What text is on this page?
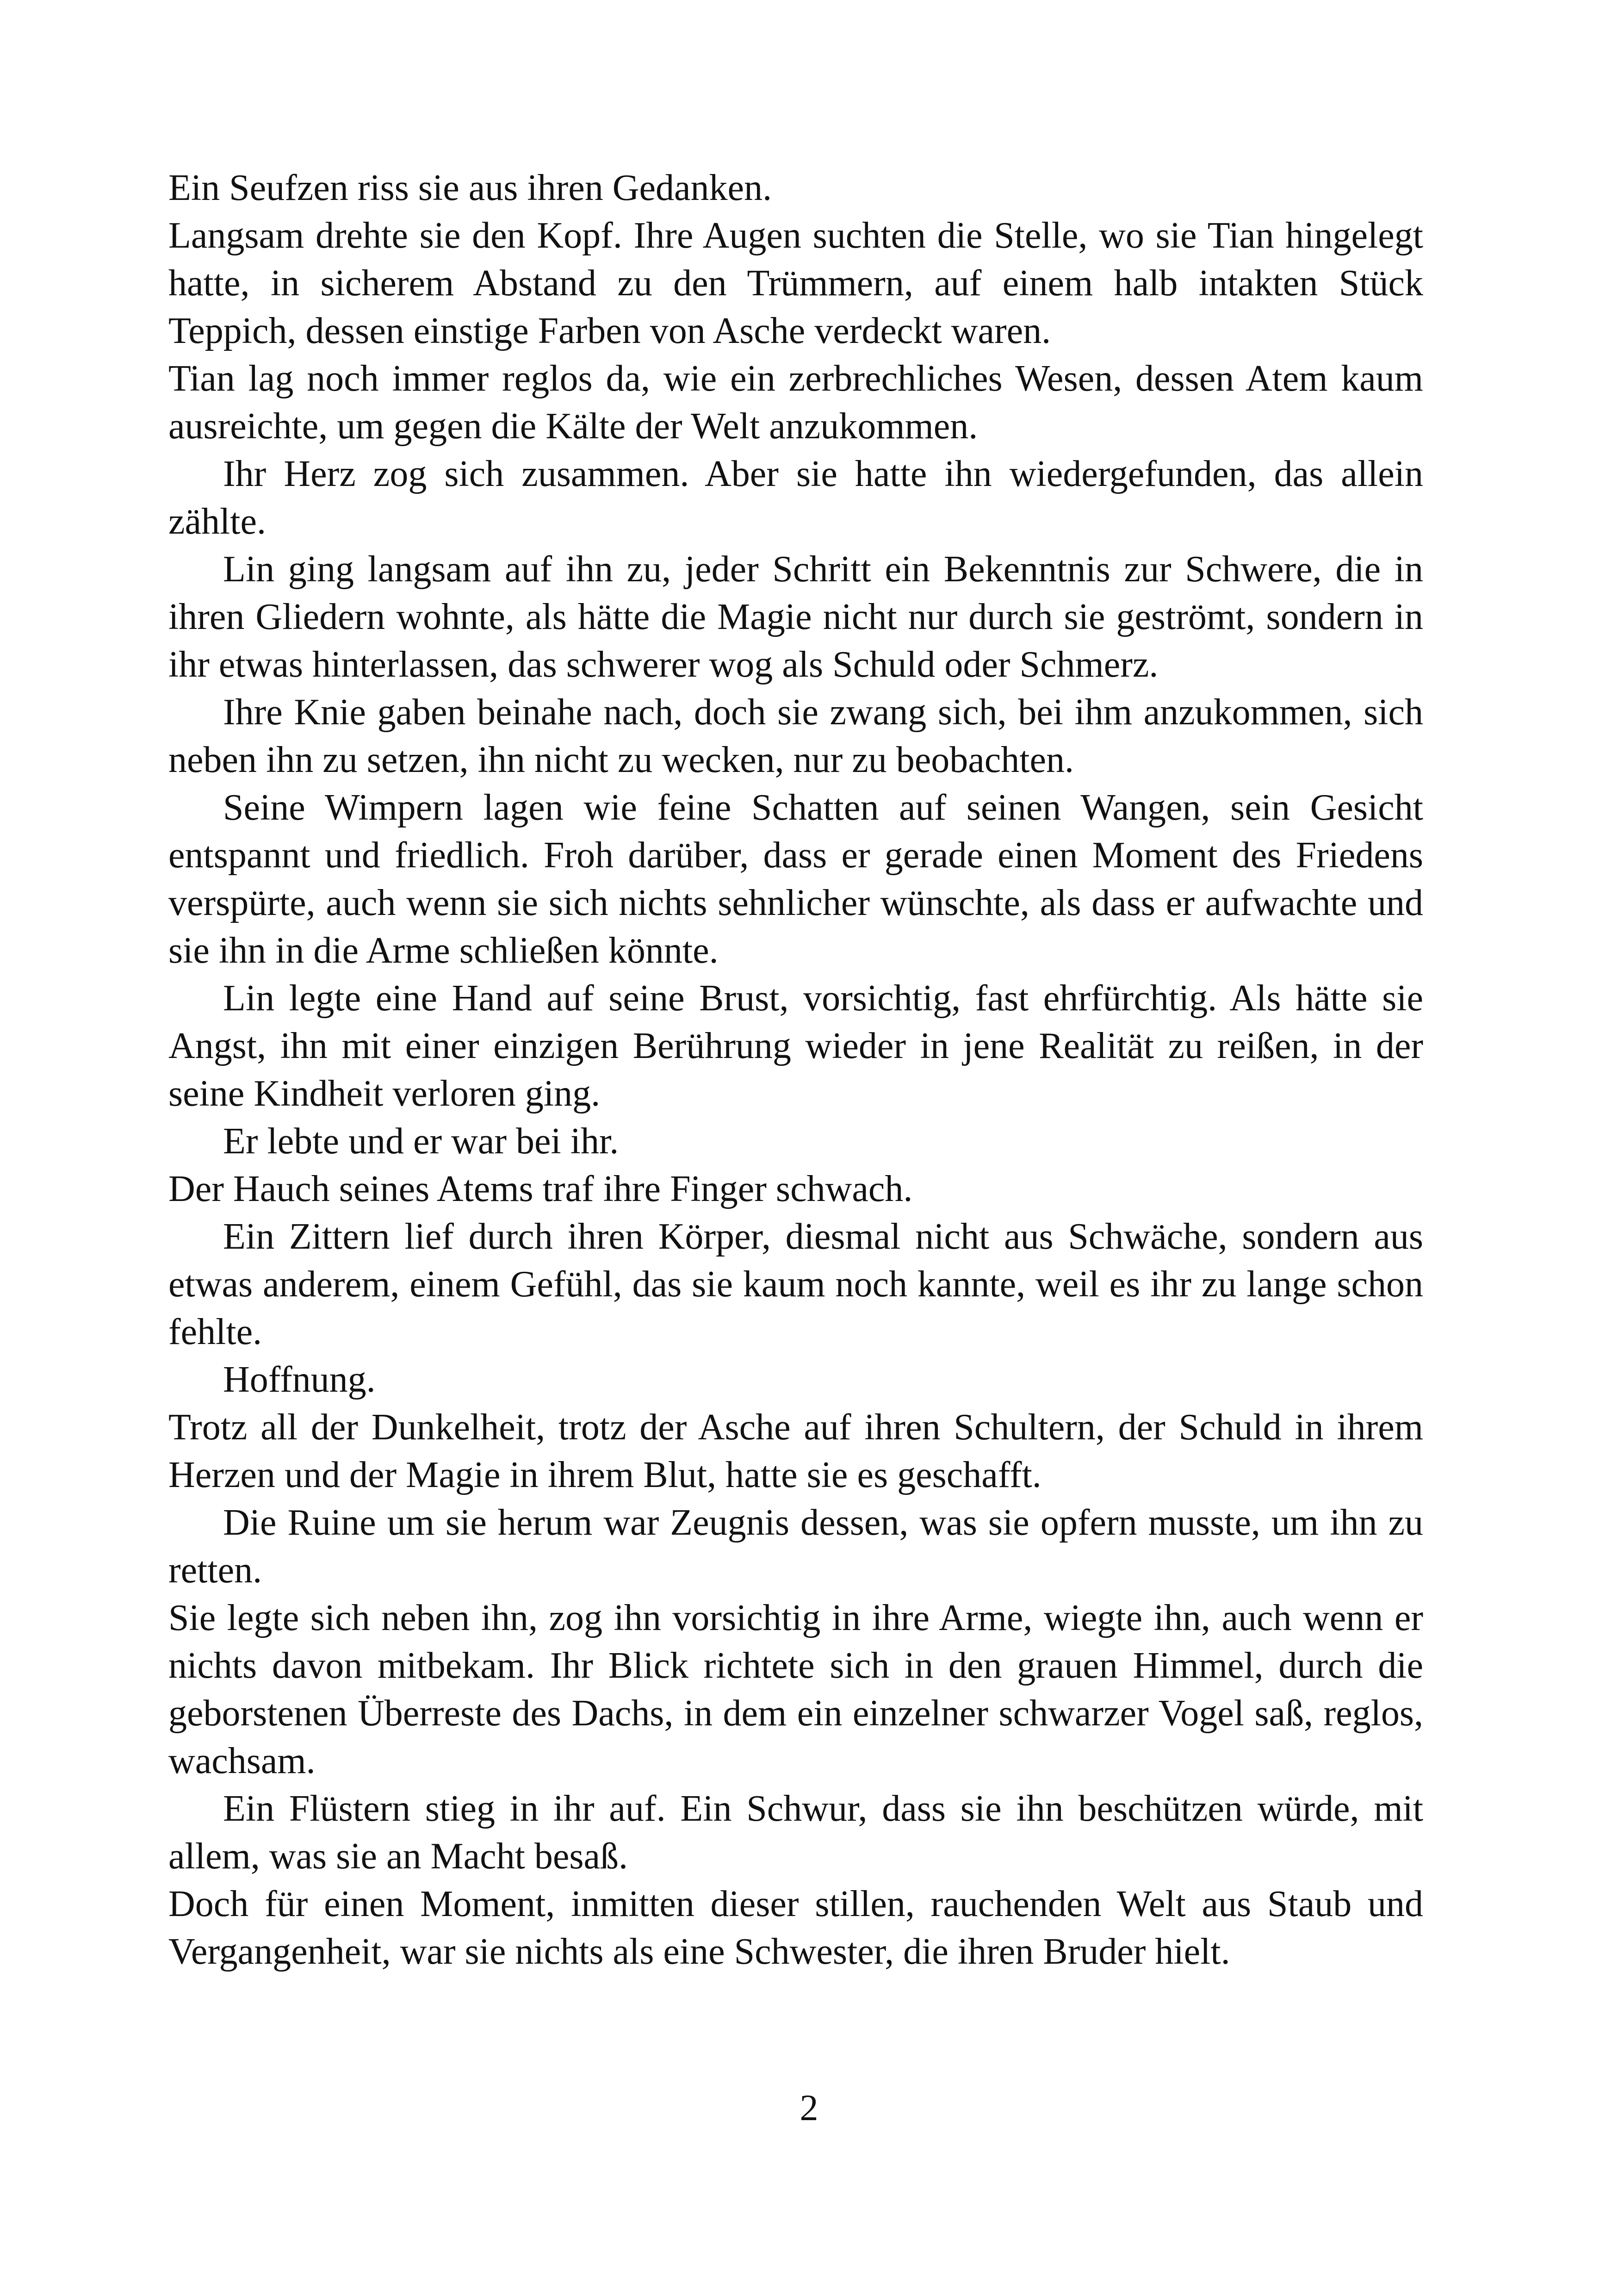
Ein Seufzen riss sie aus ihren Gedanken.

Langsam drehte sie den Kopf. Ihre Augen suchten die Stelle, wo sie Tian hingelegt hatte, in sicherem Abstand zu den Trümmern, auf einem halb intakten Stück Teppich, dessen einstige Farben von Asche verdeckt waren.

Tian lag noch immer reglos da, wie ein zerbrechliches Wesen, dessen Atem kaum ausreichte, um gegen die Kälte der Welt anzukommen.

Ihr Herz zog sich zusammen. Aber sie hatte ihn wiedergefunden, das allein zählte.

Lin ging langsam auf ihn zu, jeder Schritt ein Bekenntnis zur Schwere, die in ihren Gliedern wohnte, als hätte die Magie nicht nur durch sie geströmt, sondern in ihr etwas hinterlassen, das schwerer wog als Schuld oder Schmerz.

Ihre Knie gaben beinahe nach, doch sie zwang sich, bei ihm anzukommen, sich neben ihn zu setzen, ihn nicht zu wecken, nur zu beobachten.

Seine Wimpern lagen wie feine Schatten auf seinen Wangen, sein Gesicht entspannt und friedlich. Froh darüber, dass er gerade einen Moment des Friedens verspürte, auch wenn sie sich nichts sehnlicher wünschte, als dass er aufwachte und sie ihn in die Arme schließen könnte.

Lin legte eine Hand auf seine Brust, vorsichtig, fast ehrfürchtig. Als hätte sie Angst, ihn mit einer einzigen Berührung wieder in jene Realität zu reißen, in der seine Kindheit verloren ging.

Er lebte und er war bei ihr.

Der Hauch seines Atems traf ihre Finger schwach.

Ein Zittern lief durch ihren Körper, diesmal nicht aus Schwäche, sondern aus etwas anderem, einem Gefühl, das sie kaum noch kannte, weil es ihr zu lange schon fehlte.

Hoffnung.

Trotz all der Dunkelheit, trotz der Asche auf ihren Schultern, der Schuld in ihrem Herzen und der Magie in ihrem Blut, hatte sie es geschafft.

Die Ruine um sie herum war Zeugnis dessen, was sie opfern musste, um ihn zu retten.

Sie legte sich neben ihn, zog ihn vorsichtig in ihre Arme, wiegte ihn, auch wenn er nichts davon mitbekam. Ihr Blick richtete sich in den grauen Himmel, durch die geborstenen Überreste des Dachs, in dem ein einzelner schwarzer Vogel saß, reglos, wachsam.

Ein Flüstern stieg in ihr auf. Ein Schwur, dass sie ihn beschützen würde, mit allem, was sie an Macht besaß.

Doch für einen Moment, inmitten dieser stillen, rauchenden Welt aus Staub und Vergangenheit, war sie nichts als eine Schwester, die ihren Bruder hielt.

2
